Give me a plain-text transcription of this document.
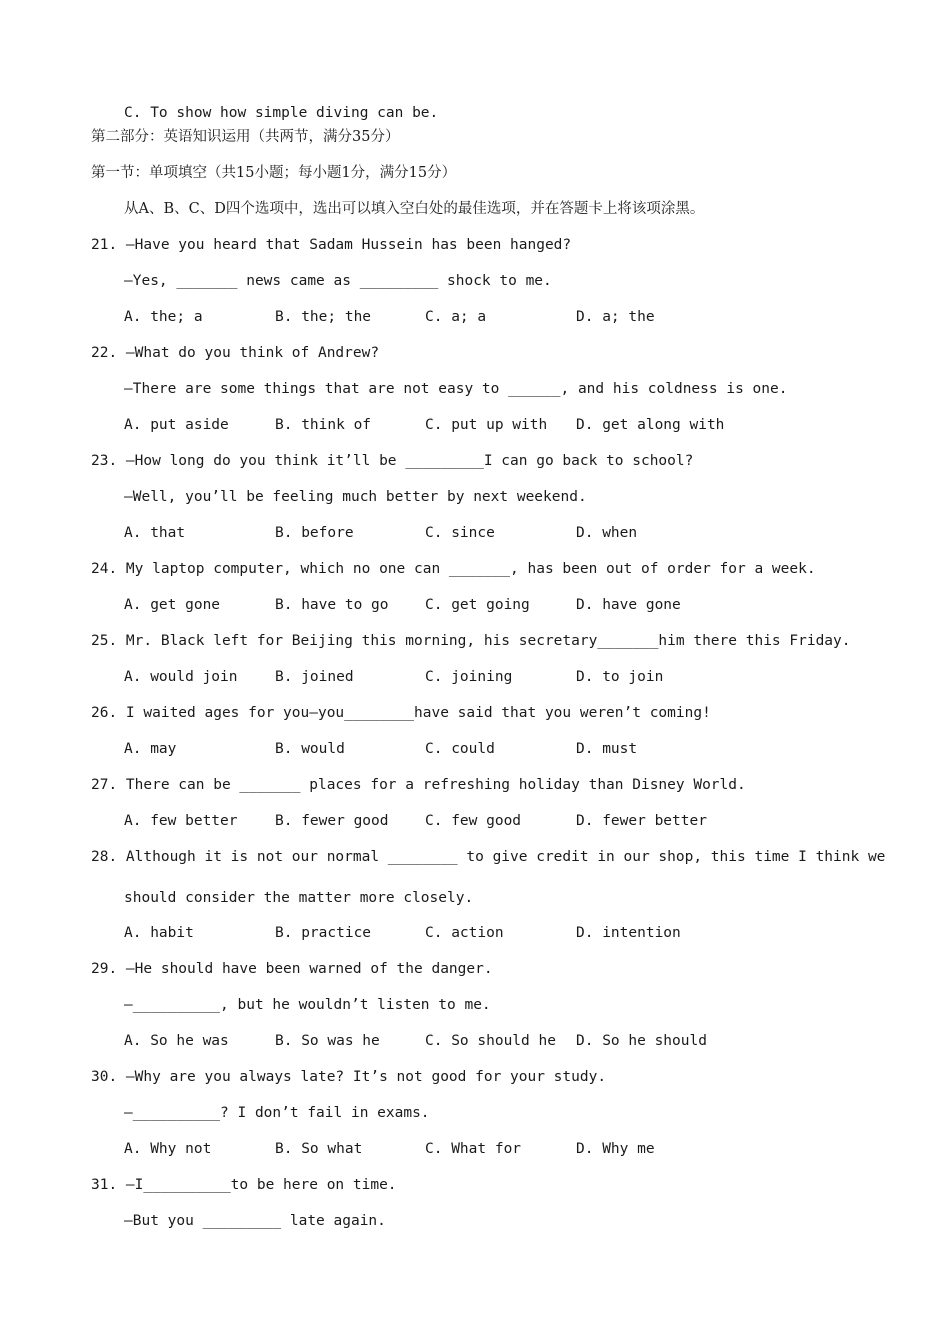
C. To show how simple diving can be.
第二部分：英语知识运用（共两节，满分35分）
第一节：单项填空（共15小题；每小题1分，满分15分）
从A、B、C、D四个选项中，选出可以填入空白处的最佳选项，并在答题卡上将该项涂黑。
21. —Have you heard that Sadam Hussein has been hanged?
—Yes, _______ news came as _________ shock to me.
A. the; a	B. the; the	C. a; a	D. a; the
22. —What do you think of Andrew?
—There are some things that are not easy to ______, and his coldness is one.
A. put aside	B. think of	C. put up with D. get along with
23. —How long do you think it’ll be _________I can go back to school?
—Well, you’ll be feeling much better by next weekend.
A. that	B. before	C. since	D. when
24. My laptop computer, which no one can _______, has been out of order for a week.
A. get gone	B. have to go	C. get going	D. have gone
25. Mr. Black left for Beijing this morning, his secretary_______him there this Friday.
A. would join	B. joined	C. joining	D. to join
26. I waited ages for you—you________have said that you weren’t coming!
A. may	B. would	C. could	D. must
27. There can be _______ places for a refreshing holiday than Disney World.
A. few better	B. fewer good	C. few good	D. fewer better
28. Although it is not our normal ________ to give credit in our shop, this time I think we
should consider the matter more closely.
A. habit	B. practice	C. action	D. intention
29. —He should have been warned of the danger.
—__________, but he wouldn’t listen to me.
A. So he was	B. So was he	C. So should he D. So he should
30. —Why are you always late? It’s not good for your study.
—__________? I don’t fail in exams.
A. Why not	B. So what	C. What for	D. Why me
31. —I__________to be here on time.
—But you _________ late again.
